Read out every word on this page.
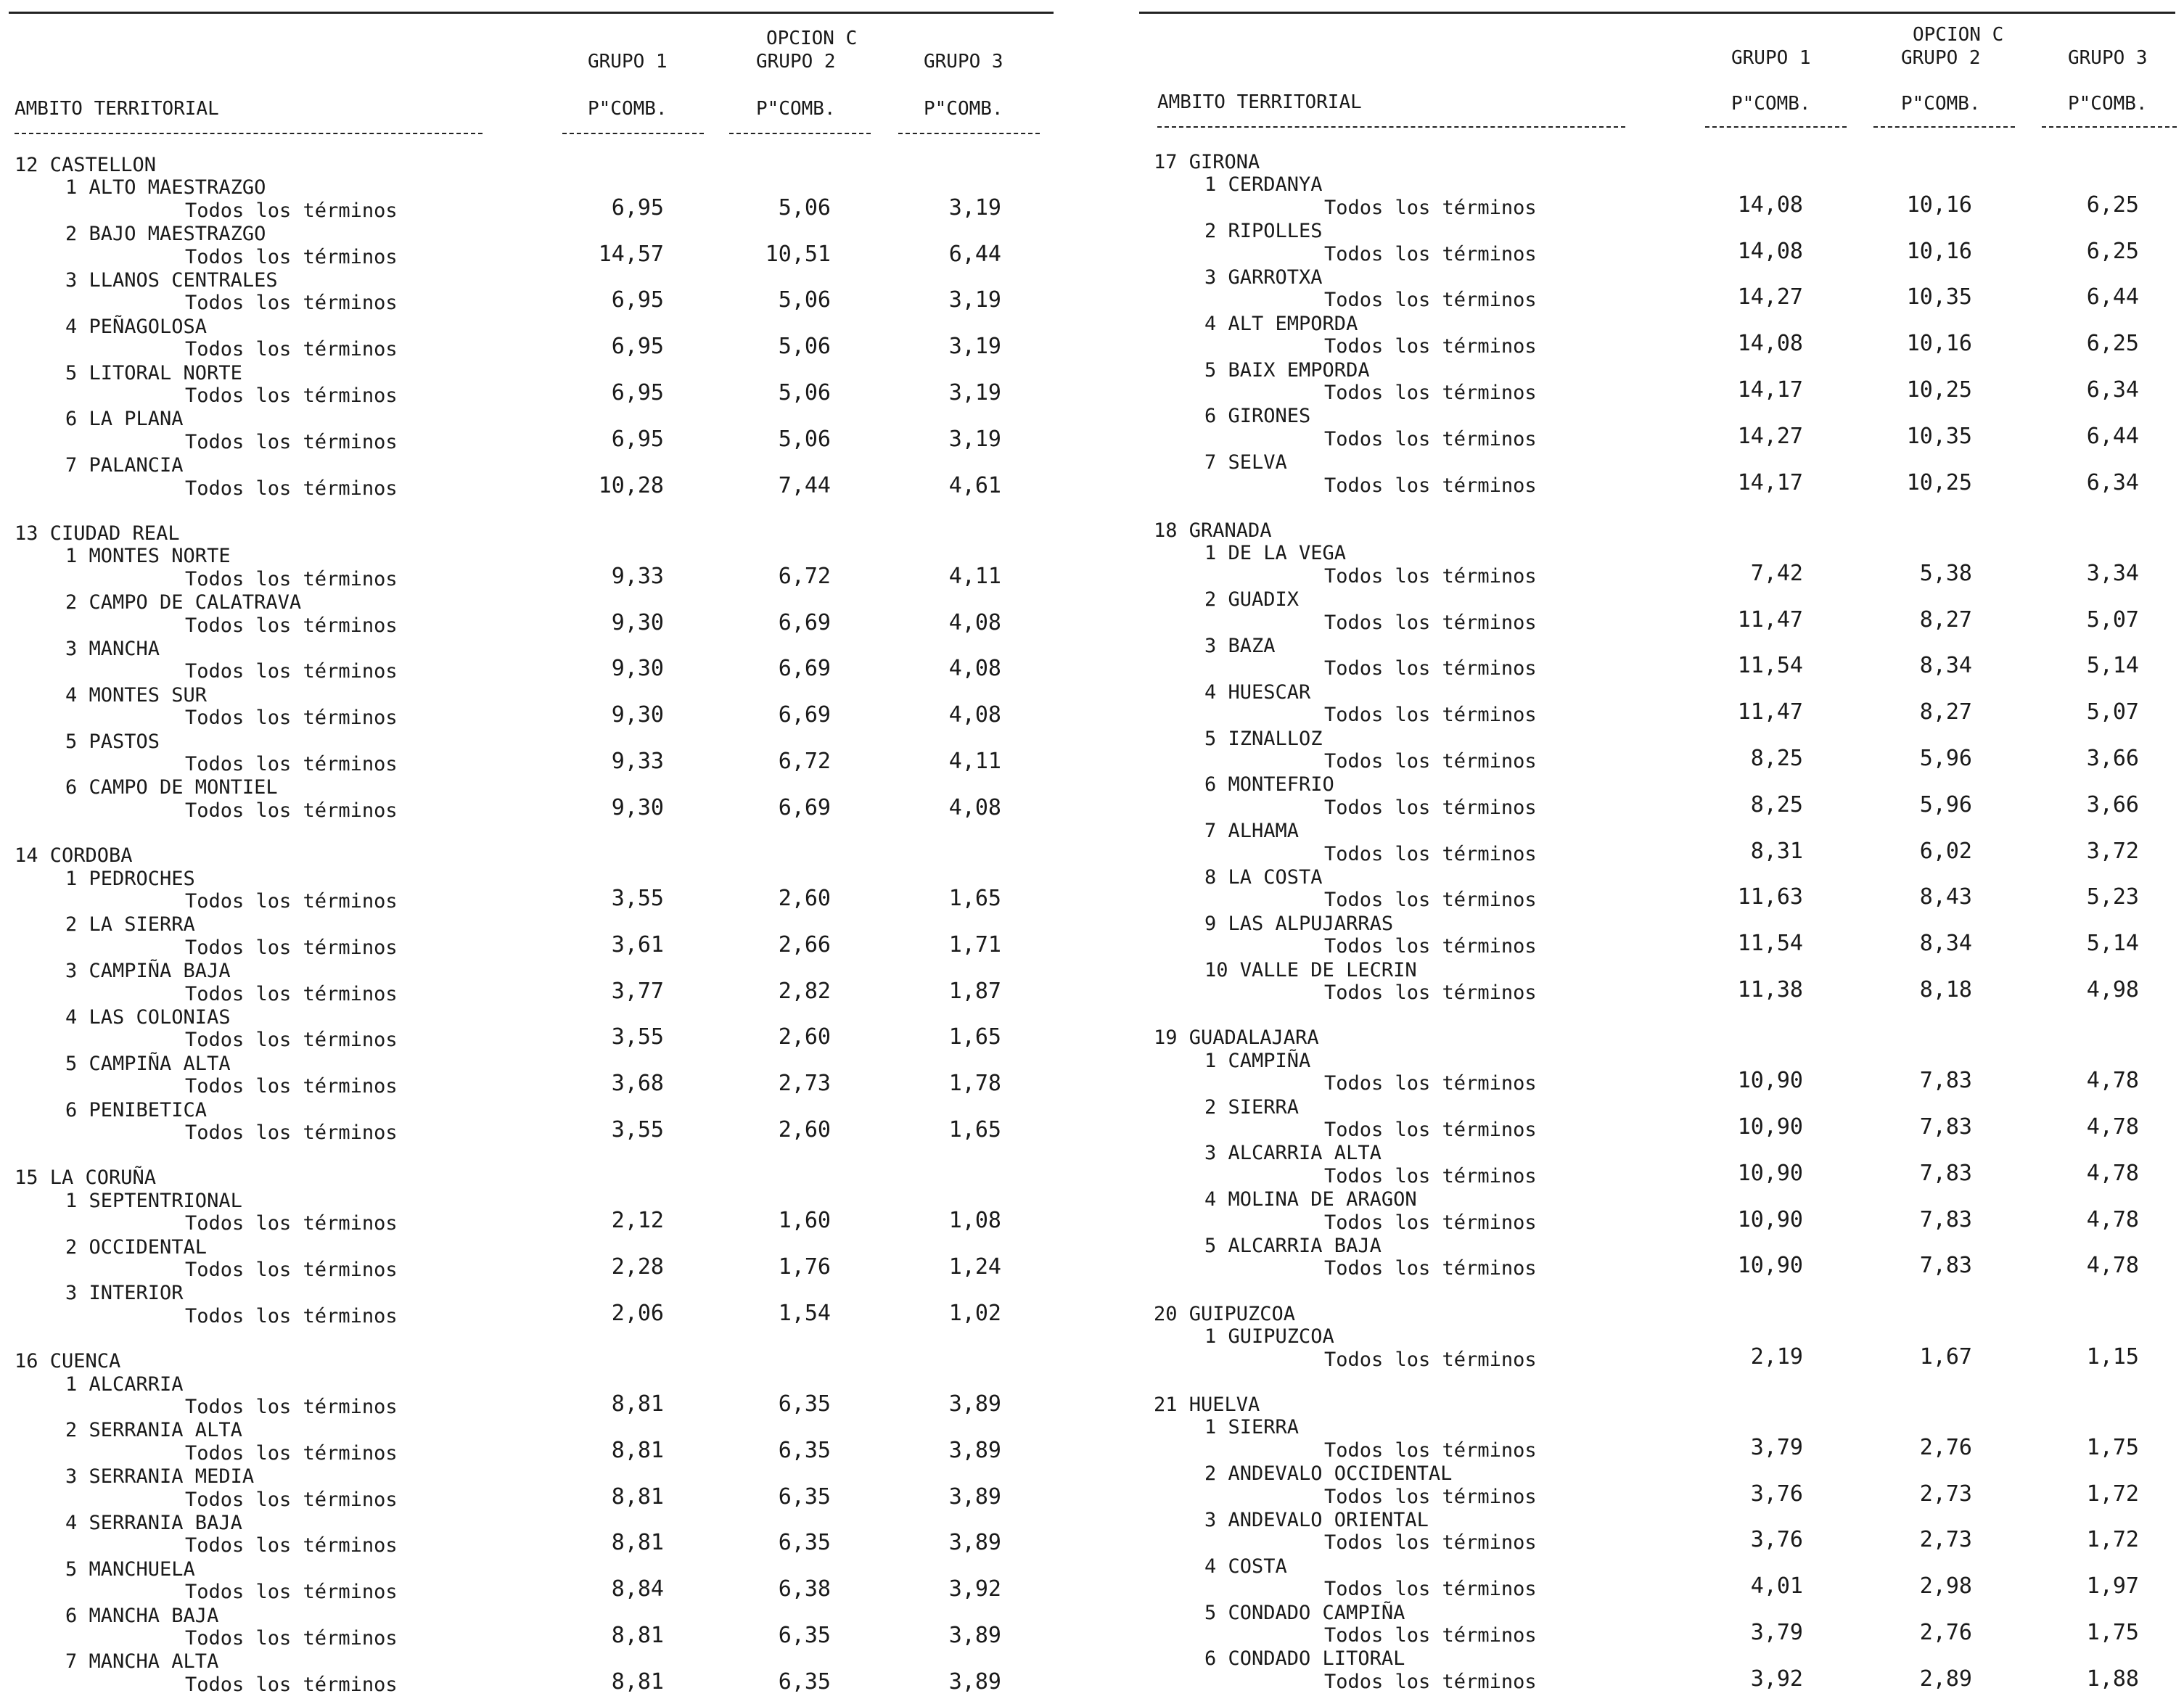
OPCION C
GRUPO 1	GRUPO 2	GRUPO 3
AMBITO TERRITORIAL	P"COMB.	P"COMB.	P"COMB.
12 CASTELLON
1 ALTO MAESTRAZGO
Todos los términos	6,95	5,06	3,19
2 BAJO MAESTRAZGO
Todos los términos	14,57	10,51	6,44
3 LLANOS CENTRALES
Todos los términos	6,95	5,06	3,19
4 PEÑAGOLOSA
Todos los términos	6,95	5,06	3,19
5 LITORAL NORTE
Todos los términos	6,95	5,06	3,19
6 LA PLANA
Todos los términos	6,95	5,06	3,19
7 PALANCIA
Todos los términos	10,28	7,44	4,61
13 CIUDAD REAL
1 MONTES NORTE
Todos los términos	9,33	6,72	4,11
2 CAMPO DE CALATRAVA
Todos los términos	9,30	6,69	4,08
3 MANCHA
Todos los términos	9,30	6,69	4,08
4 MONTES SUR
Todos los términos	9,30	6,69	4,08
5 PASTOS
Todos los términos	9,33	6,72	4,11
6 CAMPO DE MONTIEL
Todos los términos	9,30	6,69	4,08
14 CORDOBA
1 PEDROCHES
Todos los términos	3,55	2,60	1,65
2 LA SIERRA
Todos los términos	3,61	2,66	1,71
3 CAMPIÑA BAJA
Todos los términos	3,77	2,82	1,87
4 LAS COLONIAS
Todos los términos	3,55	2,60	1,65
5 CAMPIÑA ALTA
Todos los términos	3,68	2,73	1,78
6 PENIBETICA
Todos los términos	3,55	2,60	1,65
15 LA CORUÑA
1 SEPTENTRIONAL
Todos los términos	2,12	1,60	1,08
2 OCCIDENTAL
Todos los términos	2,28	1,76	1,24
3 INTERIOR
Todos los términos	2,06	1,54	1,02
16 CUENCA
1 ALCARRIA
Todos los términos	8,81	6,35	3,89
2 SERRANIA ALTA
Todos los términos	8,81	6,35	3,89
3 SERRANIA MEDIA
Todos los términos	8,81	6,35	3,89
4 SERRANIA BAJA
Todos los términos	8,81	6,35	3,89
5 MANCHUELA
Todos los términos	8,84	6,38	3,92
6 MANCHA BAJA
Todos los términos	8,81	6,35	3,89
7 MANCHA ALTA
Todos los términos	8,81	6,35	3,89
OPCION C
GRUPO 1	GRUPO 2	GRUPO 3
AMBITO TERRITORIAL	P"COMB.	P"COMB.	P"COMB.
17 GIRONA
1 CERDANYA
Todos los términos	14,08	10,16	6,25
2 RIPOLLES
Todos los términos	14,08	10,16	6,25
3 GARROTXA
Todos los términos	14,27	10,35	6,44
4 ALT EMPORDA
Todos los términos	14,08	10,16	6,25
5 BAIX EMPORDA
Todos los términos	14,17	10,25	6,34
6 GIRONES
Todos los términos	14,27	10,35	6,44
7 SELVA
Todos los términos	14,17	10,25	6,34
18 GRANADA
1 DE LA VEGA
Todos los términos	7,42	5,38	3,34
2 GUADIX
Todos los términos	11,47	8,27	5,07
3 BAZA
Todos los términos	11,54	8,34	5,14
4 HUESCAR
Todos los términos	11,47	8,27	5,07
5 IZNALLOZ
Todos los términos	8,25	5,96	3,66
6 MONTEFRIO
Todos los términos	8,25	5,96	3,66
7 ALHAMA
Todos los términos	8,31	6,02	3,72
8 LA COSTA
Todos los términos	11,63	8,43	5,23
9 LAS ALPUJARRAS
Todos los términos	11,54	8,34	5,14
10 VALLE DE LECRIN
Todos los términos	11,38	8,18	4,98
19 GUADALAJARA
1 CAMPIÑA
Todos los términos	10,90	7,83	4,78
2 SIERRA
Todos los términos	10,90	7,83	4,78
3 ALCARRIA ALTA
Todos los términos	10,90	7,83	4,78
4 MOLINA DE ARAGON
Todos los términos	10,90	7,83	4,78
5 ALCARRIA BAJA
Todos los términos	10,90	7,83	4,78
20 GUIPUZCOA
1 GUIPUZCOA
Todos los términos	2,19	1,67	1,15
21 HUELVA
1 SIERRA
Todos los términos	3,79	2,76	1,75
2 ANDEVALO OCCIDENTAL
Todos los términos	3,76	2,73	1,72
3 ANDEVALO ORIENTAL
Todos los términos	3,76	2,73	1,72
4 COSTA
Todos los términos	4,01	2,98	1,97
5 CONDADO CAMPIÑA
Todos los términos	3,79	2,76	1,75
6 CONDADO LITORAL
Todos los términos	3,92	2,89	1,88
